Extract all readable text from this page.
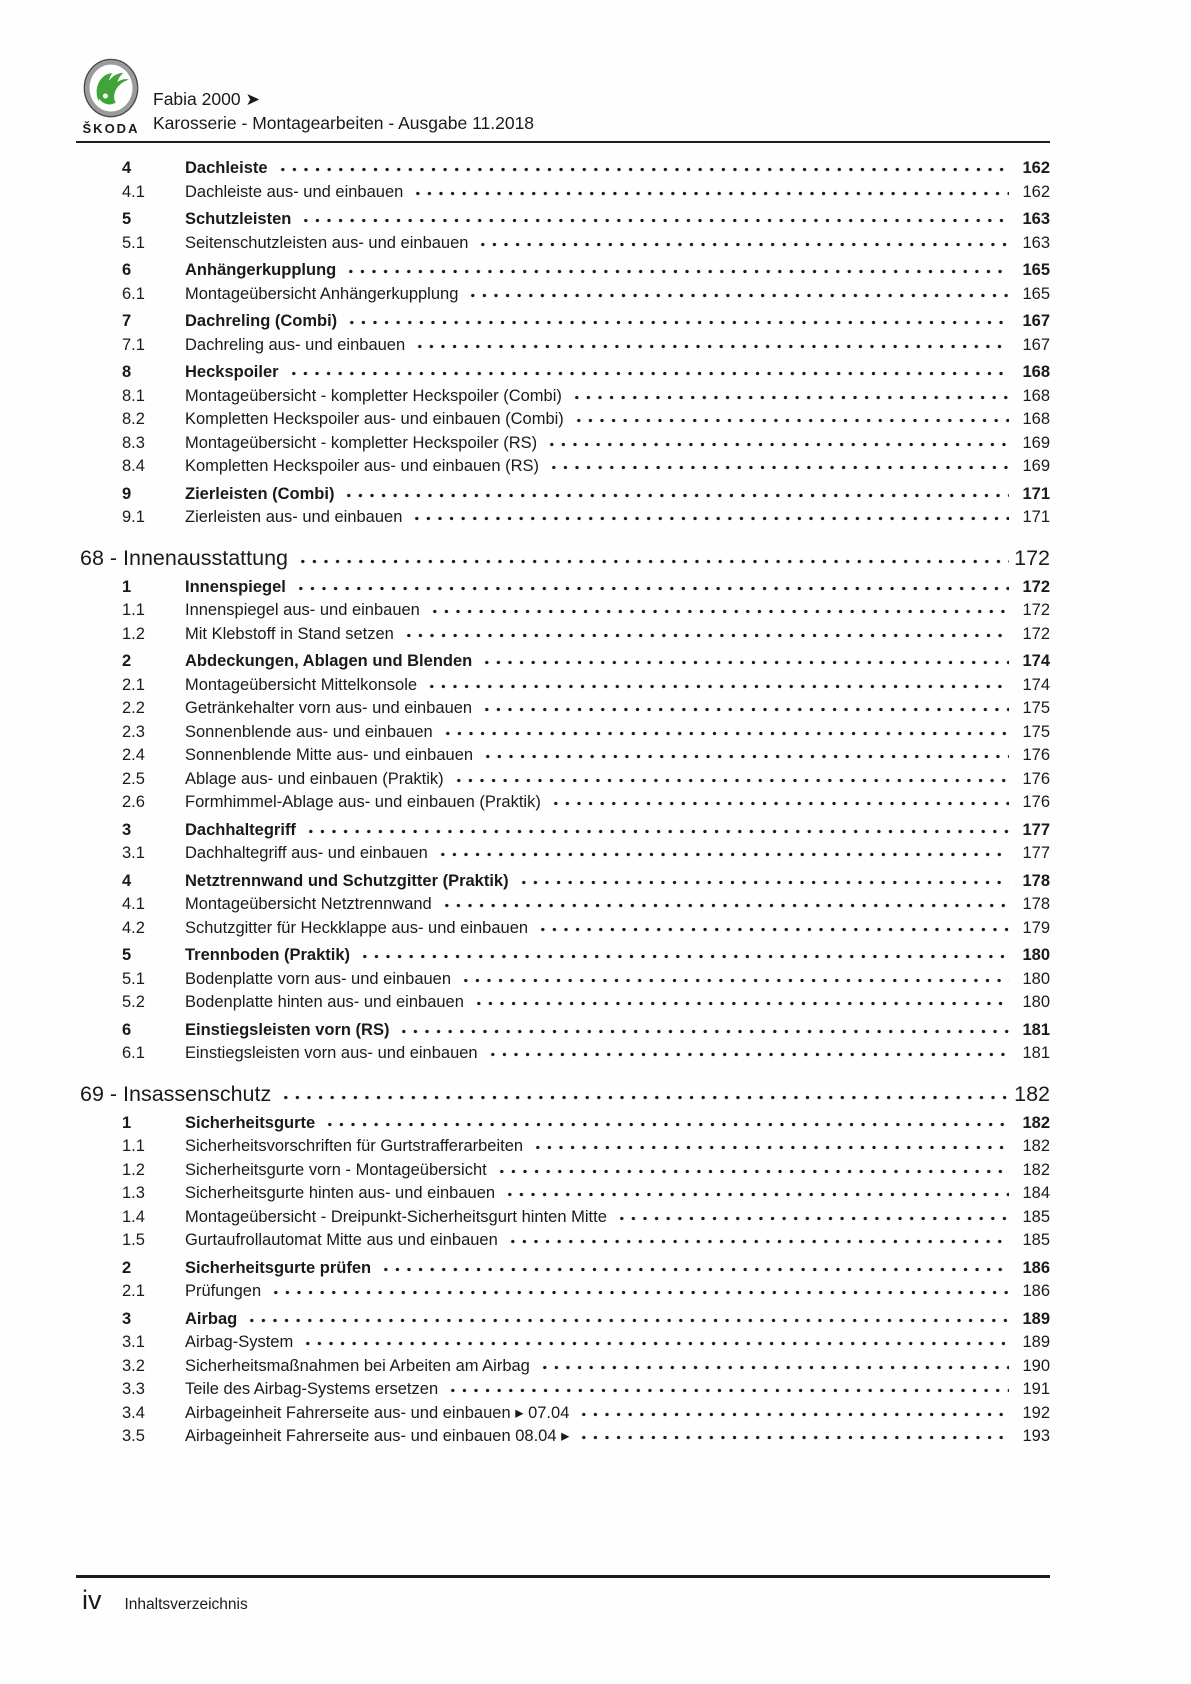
ŠKODA
Fabia 2000 ➤
Karosserie - Montagearbeiten - Ausgabe 11.2018
4	Dachleiste	162
4.1	Dachleiste aus- und einbauen	162
5	Schutzleisten	163
5.1	Seitenschutzleisten aus- und einbauen	163
6	Anhängerkupplung	165
6.1	Montageübersicht Anhängerkupplung	165
7	Dachreling (Combi)	167
7.1	Dachreling aus- und einbauen	167
8	Heckspoiler	168
8.1	Montageübersicht - kompletter Heckspoiler (Combi)	168
8.2	Kompletten Heckspoiler aus- und einbauen (Combi)	168
8.3	Montageübersicht - kompletter Heckspoiler (RS)	169
8.4	Kompletten Heckspoiler aus- und einbauen (RS)	169
9	Zierleisten (Combi)	171
9.1	Zierleisten aus- und einbauen	171
68 - Innenausstattung	172
1	Innenspiegel	172
1.1	Innenspiegel aus- und einbauen	172
1.2	Mit Klebstoff in Stand setzen	172
2	Abdeckungen, Ablagen und Blenden	174
2.1	Montageübersicht Mittelkonsole	174
2.2	Getränkehalter vorn aus- und einbauen	175
2.3	Sonnenblende aus- und einbauen	175
2.4	Sonnenblende Mitte aus- und einbauen	176
2.5	Ablage aus- und einbauen (Praktik)	176
2.6	Formhimmel-Ablage aus- und einbauen (Praktik)	176
3	Dachhaltegriff	177
3.1	Dachhaltegriff aus- und einbauen	177
4	Netztrennwand und Schutzgitter (Praktik)	178
4.1	Montageübersicht Netztrennwand	178
4.2	Schutzgitter für Heckklappe aus- und einbauen	179
5	Trennboden (Praktik)	180
5.1	Bodenplatte vorn aus- und einbauen	180
5.2	Bodenplatte hinten aus- und einbauen	180
6	Einstiegsleisten vorn (RS)	181
6.1	Einstiegsleisten vorn aus- und einbauen	181
69 - Insassenschutz	182
1	Sicherheitsgurte	182
1.1	Sicherheitsvorschriften für Gurtstrafferarbeiten	182
1.2	Sicherheitsgurte vorn - Montageübersicht	182
1.3	Sicherheitsgurte hinten aus- und einbauen	184
1.4	Montageübersicht - Dreipunkt-Sicherheitsgurt hinten Mitte	185
1.5	Gurtaufrollautomat Mitte aus und einbauen	185
2	Sicherheitsgurte prüfen	186
2.1	Prüfungen	186
3	Airbag	189
3.1	Airbag-System	189
3.2	Sicherheitsmaßnahmen bei Arbeiten am Airbag	190
3.3	Teile des Airbag-Systems ersetzen	191
3.4	Airbageinheit Fahrerseite aus- und einbauen ▸ 07.04	192
3.5	Airbageinheit Fahrerseite aus- und einbauen 08.04 ▸	193
iv Inhaltsverzeichnis
